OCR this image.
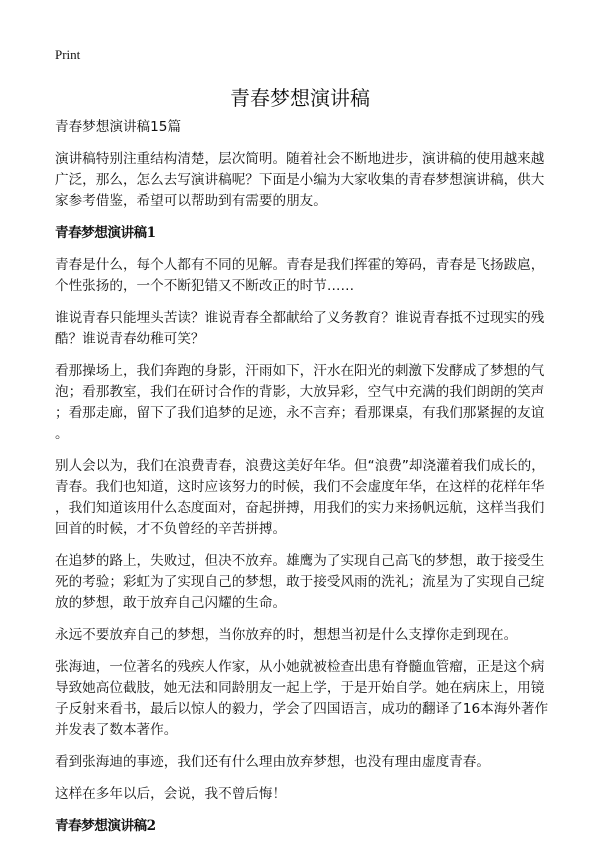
Print
青春梦想演讲稿
青春梦想演讲稿15篇
演讲稿特别注重结构清楚，层次简明。随着社会不断地进步，演讲稿的使用越来越
广泛，那么，怎么去写演讲稿呢？下面是小编为大家收集的青春梦想演讲稿，供大
家参考借鉴，希望可以帮助到有需要的朋友。
青春梦想演讲稿1
青春是什么，每个人都有不同的见解。青春是我们挥霍的筹码，青春是飞扬跋扈，
个性张扬的，一个不断犯错又不断改正的时节……
谁说青春只能埋头苦读？谁说青春全都献给了义务教育？谁说青春抵不过现实的残
酷？谁说青春幼稚可笑？
看那操场上，我们奔跑的身影，汗雨如下，汗水在阳光的刺激下发酵成了梦想的气
泡；看那教室，我们在研讨合作的背影，大放异彩，空气中充满的我们朗朗的笑声
；看那走廊，留下了我们追梦的足迹，永不言弃；看那课桌，有我们那紧握的友谊
。
别人会以为，我们在浪费青春，浪费这美好年华。但“浪费”却浇灌着我们成长的，
青春。我们也知道，这时应该努力的时候，我们不会虚度年华，在这样的花样年华
，我们知道该用什么态度面对，奋起拼搏，用我们的实力来扬帆远航，这样当我们
回首的时候，才不负曾经的辛苦拼搏。
在追梦的路上，失败过，但决不放弃。雄鹰为了实现自己高飞的梦想，敢于接受生
死的考验；彩虹为了实现自己的梦想，敢于接受风雨的洗礼；流星为了实现自己绽
放的梦想，敢于放弃自己闪耀的生命。
永远不要放弃自己的梦想，当你放弃的时，想想当初是什么支撑你走到现在。
张海迪，一位著名的残疾人作家，从小她就被检查出患有脊髓血管瘤，正是这个病
导致她高位截肢，她无法和同龄朋友一起上学，于是开始自学。她在病床上，用镜
子反射来看书，最后以惊人的毅力，学会了四国语言，成功的翻译了16本海外著作
并发表了数本著作。
看到张海迪的事迹，我们还有什么理由放弃梦想，也没有理由虚度青春。
这样在多年以后，会说，我不曾后悔！
青春梦想演讲稿2
